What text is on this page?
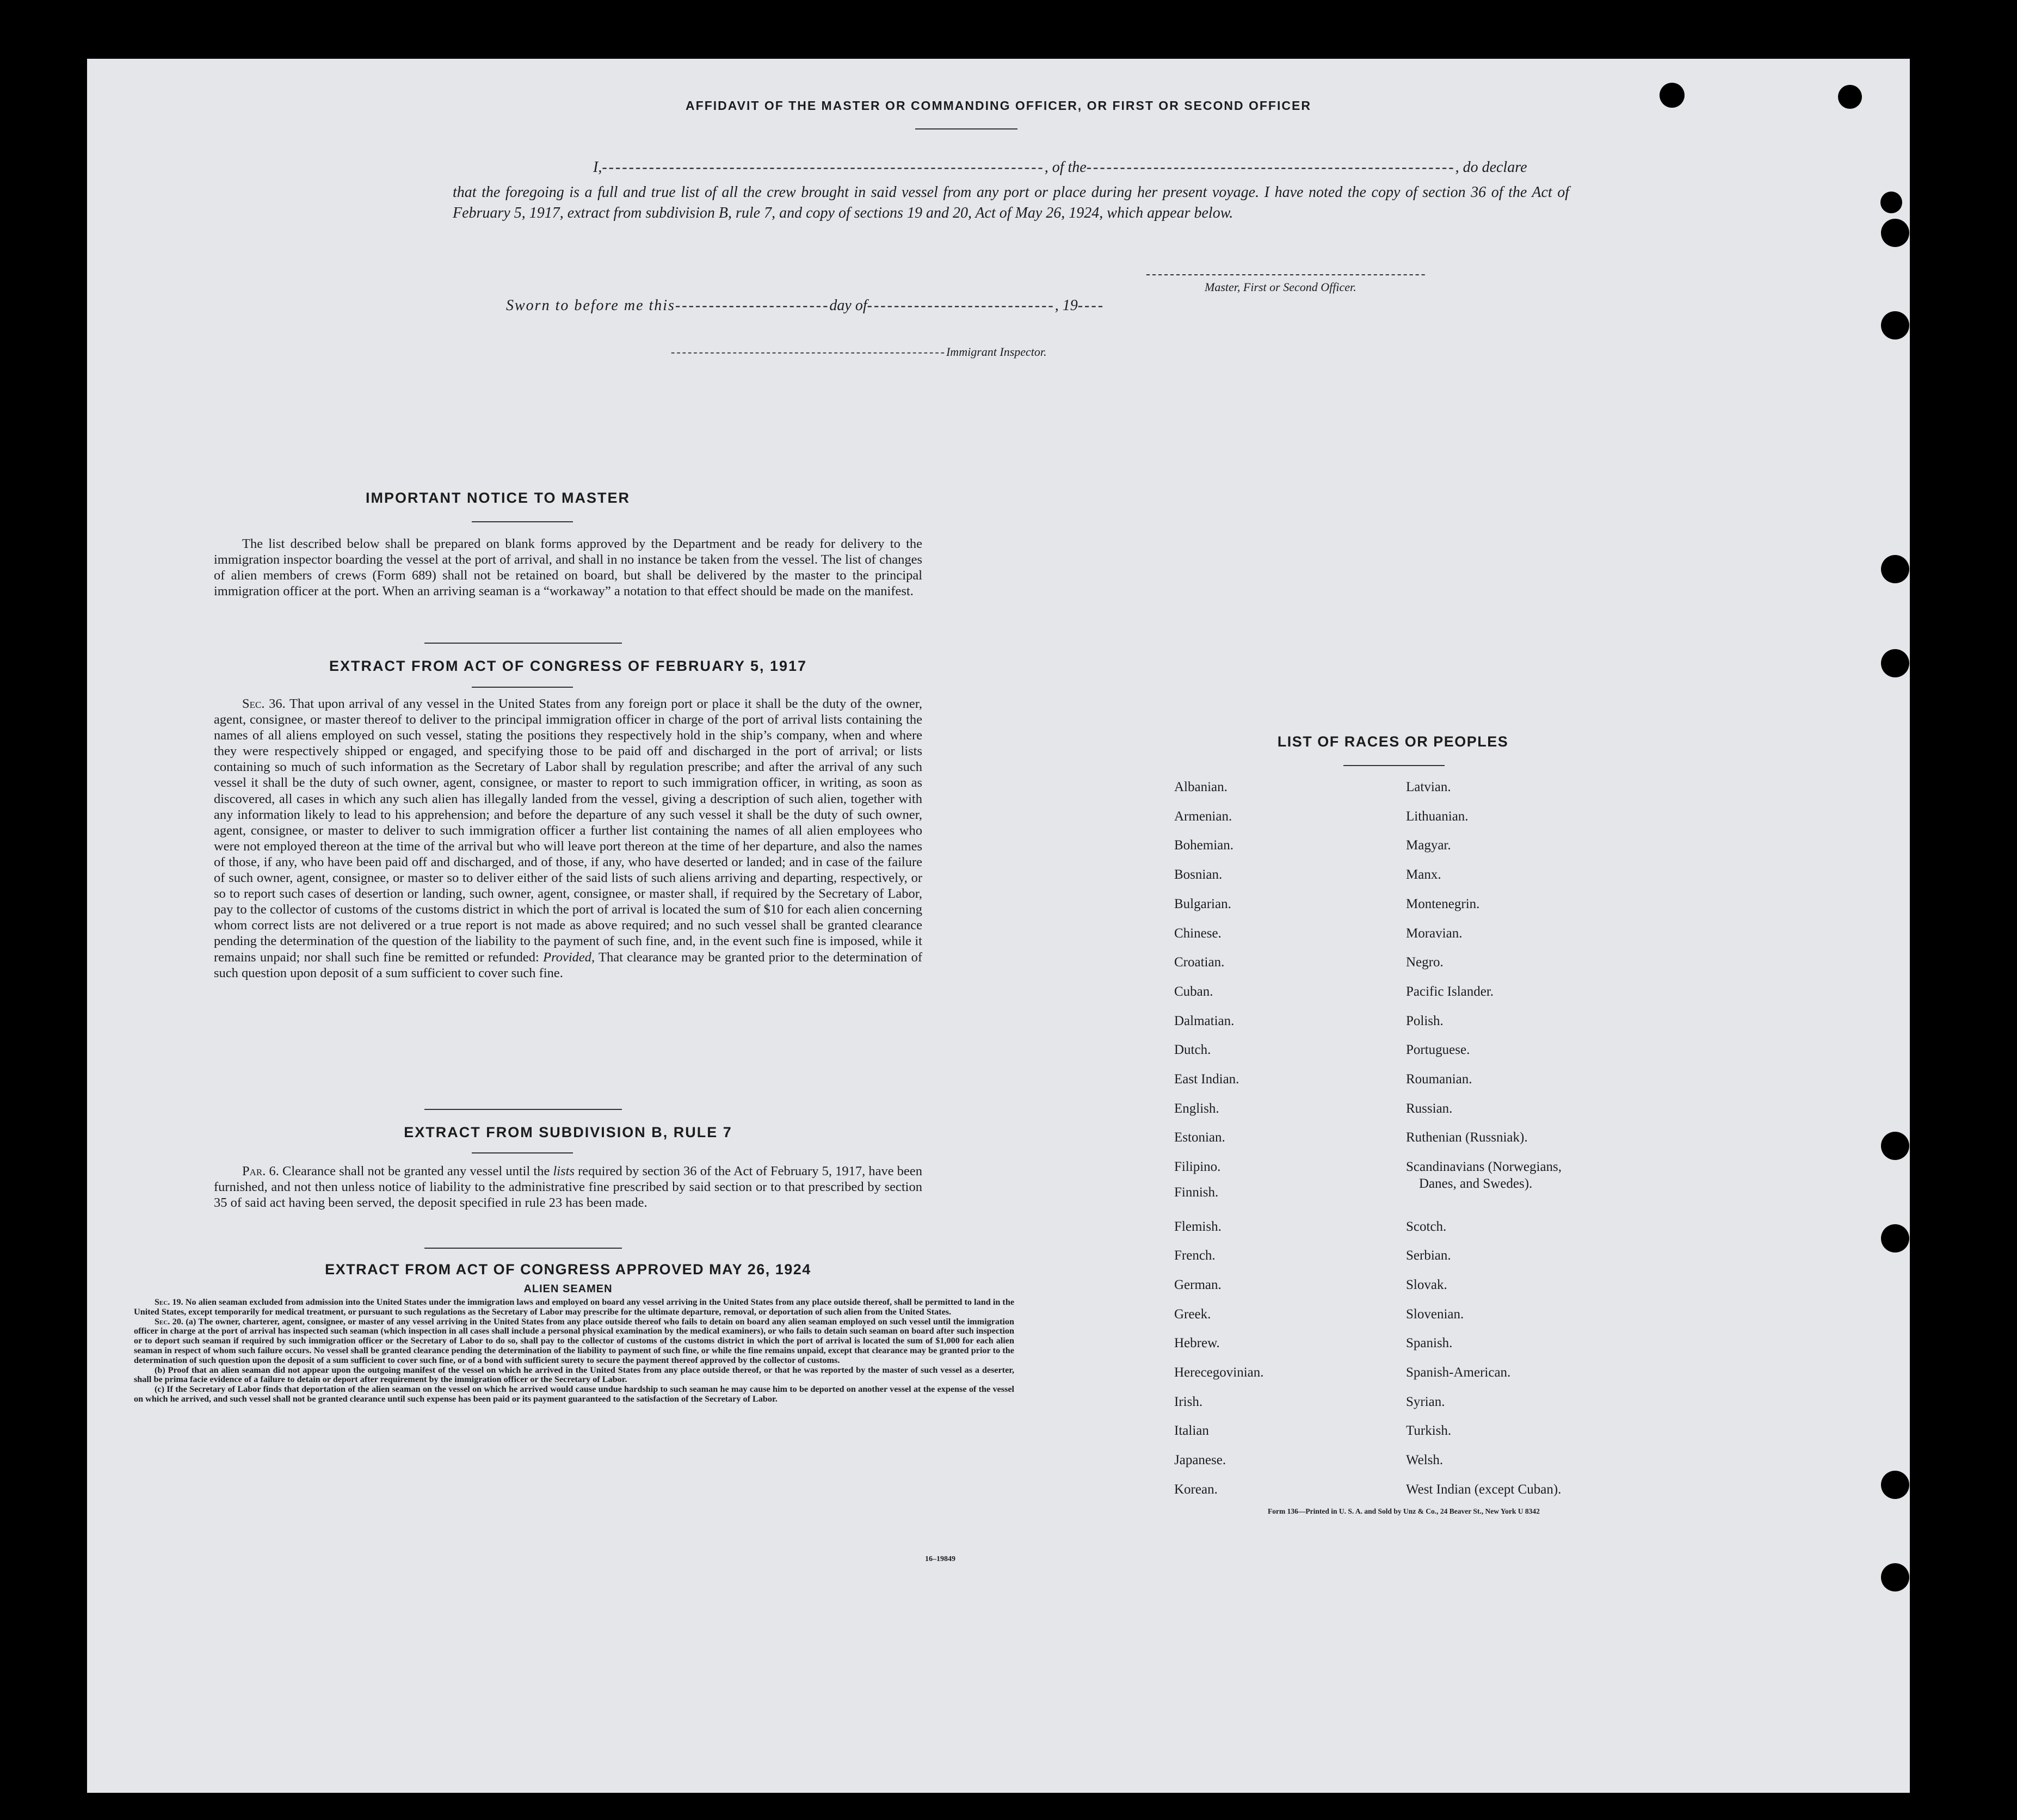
AFFIDAVIT OF THE MASTER OR COMMANDING OFFICER, OR FIRST OR SECOND OFFICER
I,------------------------------------------------------------------, of the-------------------------------------------------------, do declare
that the foregoing is a full and true list of all the crew brought in said vessel from any port or place during her present voyage. I have noted the copy of section 36 of the Act of February 5, 1917, extract from subdivision B, rule 7, and copy of sections 19 and 20, Act of May 26, 1924, which appear below.
-----------------------------------------------
Master, First or Second Officer.
Sworn to before me this-----------------------day of----------------------------, 19----
-------------------------------------------------Immigrant Inspector.
IMPORTANT NOTICE TO MASTER
The list described below shall be prepared on blank forms approved by the Department and be ready for delivery to the immigration inspector boarding the vessel at the port of arrival, and shall in no instance be taken from the vessel. The list of changes of alien members of crews (Form 689) shall not be retained on board, but shall be delivered by the master to the principal immigration officer at the port. When an arriving seaman is a “workaway” a notation to that effect should be made on the manifest.
EXTRACT FROM ACT OF CONGRESS OF FEBRUARY 5, 1917
Sec. 36. That upon arrival of any vessel in the United States from any foreign port or place it shall be the duty of the owner, agent, consignee, or master thereof to deliver to the principal immigration officer in charge of the port of arrival lists containing the names of all aliens employed on such vessel, stating the positions they respectively hold in the ship’s company, when and where they were respectively shipped or engaged, and specifying those to be paid off and discharged in the port of arrival; or lists containing so much of such information as the Secretary of Labor shall by regulation prescribe; and after the arrival of any such vessel it shall be the duty of such owner, agent, consignee, or master to report to such immigration officer, in writing, as soon as discovered, all cases in which any such alien has illegally landed from the vessel, giving a description of such alien, together with any information likely to lead to his apprehension; and before the departure of any such vessel it shall be the duty of such owner, agent, consignee, or master to deliver to such immigration officer a further list containing the names of all alien employees who were not employed thereon at the time of the arrival but who will leave port thereon at the time of her departure, and also the names of those, if any, who have been paid off and discharged, and of those, if any, who have deserted or landed; and in case of the failure of such owner, agent, consignee, or master so to deliver either of the said lists of such aliens arriving and departing, respectively, or so to report such cases of desertion or landing, such owner, agent, consignee, or master shall, if required by the Secretary of Labor, pay to the collector of customs of the customs district in which the port of arrival is located the sum of $10 for each alien concerning whom correct lists are not delivered or a true report is not made as above required; and no such vessel shall be granted clearance pending the determination of the question of the liability to the payment of such fine, and, in the event such fine is imposed, while it remains unpaid; nor shall such fine be remitted or refunded: Provided, That clearance may be granted prior to the determination of such question upon deposit of a sum sufficient to cover such fine.
EXTRACT FROM SUBDIVISION B, RULE 7
Par. 6. Clearance shall not be granted any vessel until the lists required by section 36 of the Act of February 5, 1917, have been furnished, and not then unless notice of liability to the administrative fine prescribed by said section or to that prescribed by section 35 of said act having been served, the deposit specified in rule 23 has been made.
EXTRACT FROM ACT OF CONGRESS APPROVED MAY 26, 1924
ALIEN SEAMEN
Sec. 19. No alien seaman excluded from admission into the United States under the immigration laws and employed on board any vessel arriving in the United States from any place outside thereof, shall be permitted to land in the United States, except temporarily for medical treatment, or pursuant to such regulations as the Secretary of Labor may prescribe for the ultimate departure, removal, or deportation of such alien from the United States.
Sec. 20. (a) The owner, charterer, agent, consignee, or master of any vessel arriving in the United States from any place outside thereof who fails to detain on board any alien seaman employed on such vessel until the immigration officer in charge at the port of arrival has inspected such seaman (which inspection in all cases shall include a personal physical examination by the medical examiners), or who fails to detain such seaman on board after such inspection or to deport such seaman if required by such immigration officer or the Secretary of Labor to do so, shall pay to the collector of customs of the customs district in which the port of arrival is located the sum of $1,000 for each alien seaman in respect of whom such failure occurs. No vessel shall be granted clearance pending the determination of the liability to payment of such fine, or while the fine remains unpaid, except that clearance may be granted prior to the determination of such question upon the deposit of a sum sufficient to cover such fine, or of a bond with sufficient surety to secure the payment thereof approved by the collector of customs.
(b) Proof that an alien seaman did not appear upon the outgoing manifest of the vessel on which he arrived in the United States from any place outside thereof, or that he was reported by the master of such vessel as a deserter, shall be prima facie evidence of a failure to detain or deport after requirement by the immigration officer or the Secretary of Labor.
(c) If the Secretary of Labor finds that deportation of the alien seaman on the vessel on which he arrived would cause undue hardship to such seaman he may cause him to be deported on another vessel at the expense of the vessel on which he arrived, and such vessel shall not be granted clearance until such expense has been paid or its payment guaranteed to the satisfaction of the Secretary of Labor.
16–19849
LIST OF RACES OR PEOPLES
Albanian.
Armenian.
Bohemian.
Bosnian.
Bulgarian.
Chinese.
Croatian.
Cuban.
Dalmatian.
Dutch.
East Indian.
English.
Estonian.
Filipino.
Finnish.
Flemish.
French.
German.
Greek.
Hebrew.
Herecegovinian.
Irish.
Italian
Japanese.
Korean.
Latvian.
Lithuanian.
Magyar.
Manx.
Montenegrin.
Moravian.
Negro.
Pacific Islander.
Polish.
Portuguese.
Roumanian.
Russian.
Ruthenian (Russniak).
Scandinavians (Norwegians,
Danes, and Swedes).
Scotch.
Serbian.
Slovak.
Slovenian.
Spanish.
Spanish-American.
Syrian.
Turkish.
Welsh.
West Indian (except Cuban).
Form 136—Printed in U. S. A. and Sold by Unz & Co., 24 Beaver St., New York U 8342
